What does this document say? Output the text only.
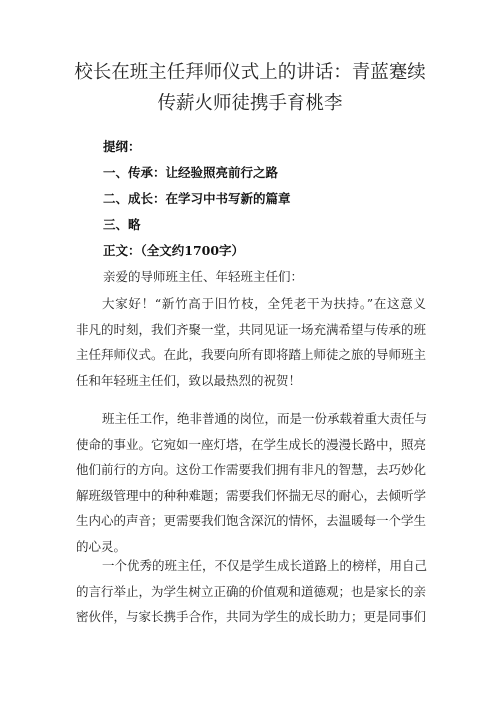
校长在班主任拜师仪式上的讲话：青蓝蹇续
传薪火师徒携手育桃李
提纲：
一、传承：让经验照亮前行之路
二、成长：在学习中书写新的篇章
三、略
正文：（全文约1700字）
亲爱的导师班主任、年轻班主任们：
大家好！“新竹高于旧竹枝，全凭老干为扶持。”在这意义
非凡的时刻，我们齐聚一堂，共同见证一场充满希望与传承的班
主任拜师仪式。在此，我要向所有即将踏上师徒之旅的导师班主
任和年轻班主任们，致以最热烈的祝贺！
班主任工作，绝非普通的岗位，而是一份承载着重大责任与
使命的事业。它宛如一座灯塔，在学生成长的漫漫长路中，照亮
他们前行的方向。这份工作需要我们拥有非凡的智慧，去巧妙化
解班级管理中的种种难题；需要我们怀揣无尽的耐心，去倾听学
生内心的声音；更需要我们饱含深沉的情怀，去温暖每一个学生
的心灵。
一个优秀的班主任，不仅是学生成长道路上的榜样，用自己
的言行举止，为学生树立正确的价值观和道德观；也是家长的亲
密伙伴，与家长携手合作，共同为学生的成长助力；更是同事们
